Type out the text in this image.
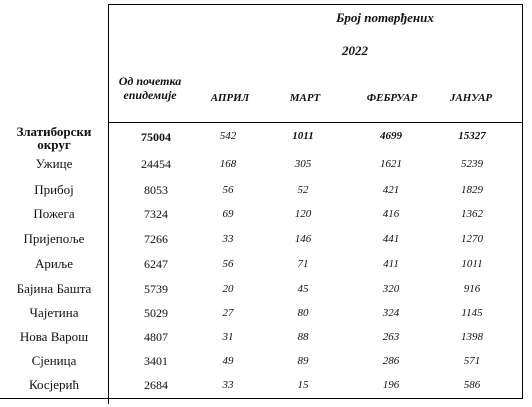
Број потврђених
2022
Од почетка епидемије	АПРИЛ	МАРТ	ФЕБРУАР	ЈАНУАР
Златиборски округ	75004	542	1011	4699	15327
Ужице	24454	168	305	1621	5239
Прибој	8053	56	52	421	1829
Пожега	7324	69	120	416	1362
Пријепоље	7266	33	146	441	1270
Ариље	6247	56	71	411	1011
Бајина Башта	5739	20	45	320	916
Чајетина	5029	27	80	324	1145
Нова Варош	4807	31	88	263	1398
Сјеница	3401	49	89	286	571
Косјерић	2684	33	15	196	586
